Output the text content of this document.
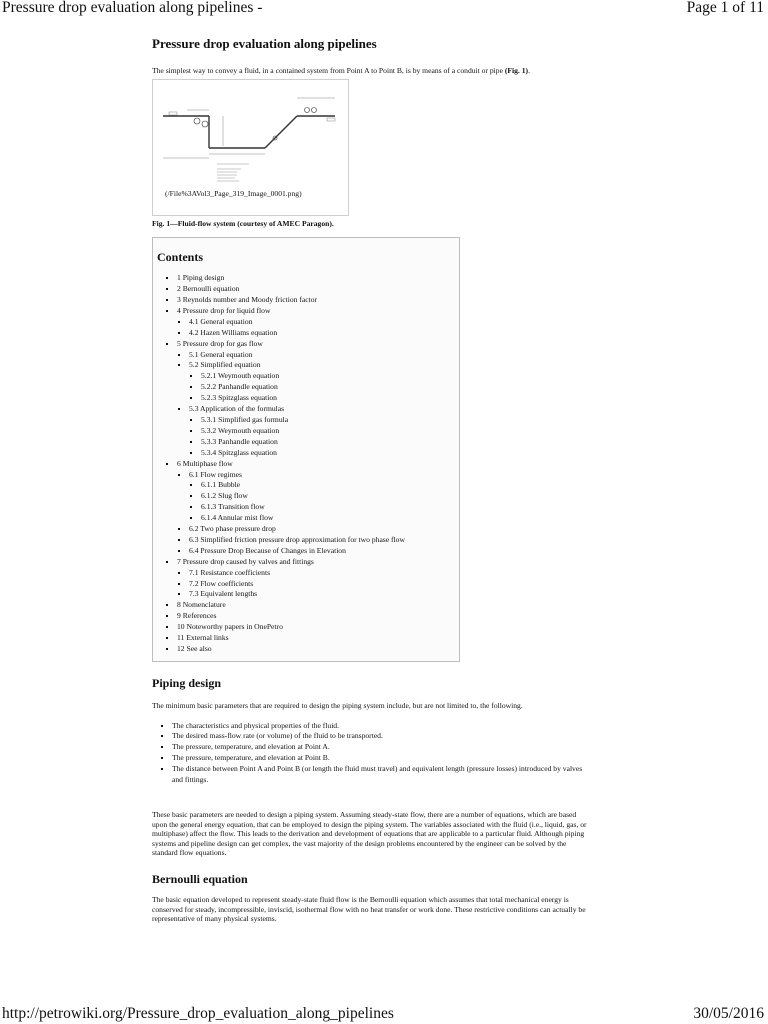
Pressure drop evaluation along pipelines -	Page 1 of 11
Pressure drop evaluation along pipelines

The simplest way to convey a fluid, in a contained system from Point A to Point B, is by means of a conduit or pipe (Fig. 1).

(/File%3AVol3_Page_319_Image_0001.png)

Fig. 1—Fluid-flow system (courtesy of AMEC Paragon).

Contents
▪ 1 Piping design
▪ 2 Bernoulli equation
▪ 3 Reynolds number and Moody friction factor
▪ 4 Pressure drop for liquid flow
▪ 4.1 General equation
▪ 4.2 Hazen Williams equation
▪ 5 Pressure drop for gas flow
▪ 5.1 General equation
▪ 5.2 Simplified equation
▪ 5.2.1 Weymouth equation
▪ 5.2.2 Panhandle equation
▪ 5.2.3 Spitzglass equation
▪ 5.3 Application of the formulas
▪ 5.3.1 Simplified gas formula
▪ 5.3.2 Weymouth equation
▪ 5.3.3 Panhandle equation
▪ 5.3.4 Spitzglass equation
▪ 6 Multiphase flow
▪ 6.1 Flow regimes
▪ 6.1.1 Bubble
▪ 6.1.2 Slug flow
▪ 6.1.3 Transition flow
▪ 6.1.4 Annular mist flow
▪ 6.2 Two phase pressure drop
▪ 6.3 Simplified friction pressure drop approximation for two phase flow
▪ 6.4 Pressure Drop Because of Changes in Elevation
▪ 7 Pressure drop caused by valves and fittings
▪ 7.1 Resistance coefficients
▪ 7.2 Flow coefficients
▪ 7.3 Equivalent lengths
▪ 8 Nomenclature
▪ 9 References
▪ 10 Noteworthy papers in OnePetro
▪ 11 External links
▪ 12 See also
Piping design

The minimum basic parameters that are required to design the piping system include, but are not limited to, the following.

▪ The characteristics and physical properties of the fluid.
▪ The desired mass-flow rate (or volume) of the fluid to be transported.
▪ The pressure, temperature, and elevation at Point A.
▪ The pressure, temperature, and elevation at Point B.
▪ The distance between Point A and Point B (or length the fluid must travel) and equivalent length (pressure losses) introduced by valves and fittings.

These basic parameters are needed to design a piping system. Assuming steady-state flow, there are a number of equations, which are based upon the general energy equation, that can be employed to design the piping system. The variables associated with the fluid (i.e., liquid, gas, or multiphase) affect the flow. This leads to the derivation and development of equations that are applicable to a particular fluid. Although piping systems and pipeline design can get complex, the vast majority of the design problems encountered by the engineer can be solved by the standard flow equations.

Bernoulli equation

The basic equation developed to represent steady-state fluid flow is the Bernoulli equation which assumes that total mechanical energy is conserved for steady, incompressible, inviscid, isothermal flow with no heat transfer or work done. These restrictive conditions can actually be representative of many physical systems.

http://petrowiki.org/Pressure_drop_evaluation_along_pipelines	30/05/2016
